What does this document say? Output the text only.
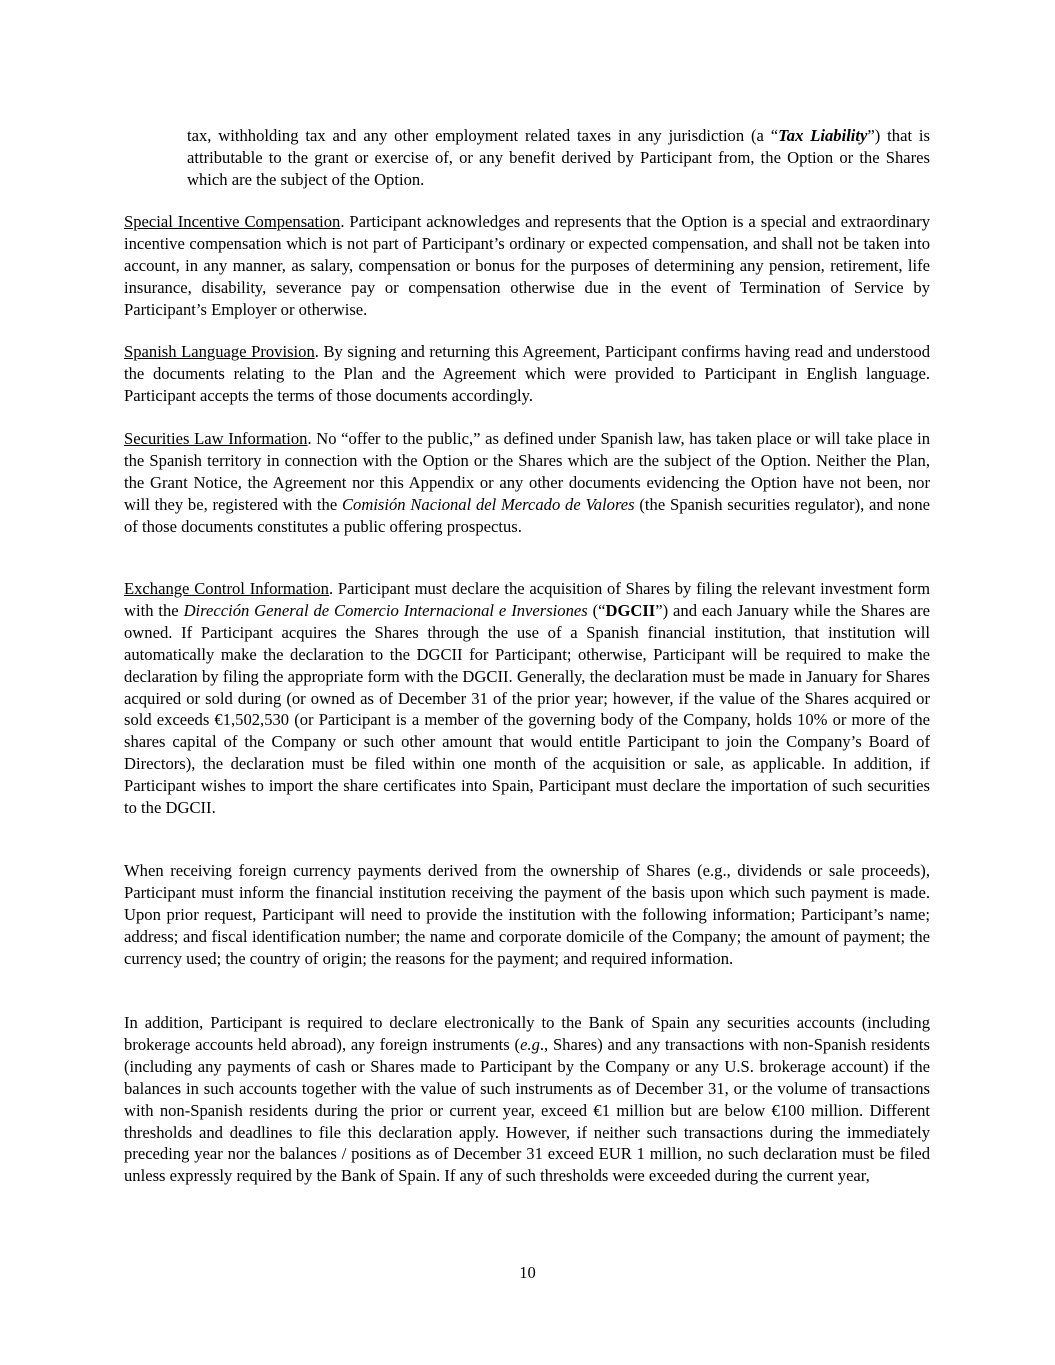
tax, withholding tax and any other employment related taxes in any jurisdiction (a “Tax Liability”) that is attributable to the grant or exercise of, or any benefit derived by Participant from, the Option or the Shares which are the subject of the Option.

Special Incentive Compensation. Participant acknowledges and represents that the Option is a special and extraordinary incentive compensation which is not part of Participant’s ordinary or expected compensation, and shall not be taken into account, in any manner, as salary, compensation or bonus for the purposes of determining any pension, retirement, life insurance, disability, severance pay or compensation otherwise due in the event of Termination of Service by Participant’s Employer or otherwise.

Spanish Language Provision. By signing and returning this Agreement, Participant confirms having read and understood the documents relating to the Plan and the Agreement which were provided to Participant in English language. Participant accepts the terms of those documents accordingly.

Securities Law Information. No “offer to the public,” as defined under Spanish law, has taken place or will take place in the Spanish territory in connection with the Option or the Shares which are the subject of the Option. Neither the Plan, the Grant Notice, the Agreement nor this Appendix or any other documents evidencing the Option have not been, nor will they be, registered with the Comisión Nacional del Mercado de Valores (the Spanish securities regulator), and none of those documents constitutes a public offering prospectus.

Exchange Control Information. Participant must declare the acquisition of Shares by filing the relevant investment form with the Dirección General de Comercio Internacional e Inversiones (“DGCII”) and each January while the Shares are owned. If Participant acquires the Shares through the use of a Spanish financial institution, that institution will automatically make the declaration to the DGCII for Participant; otherwise, Participant will be required to make the declaration by filing the appropriate form with the DGCII. Generally, the declaration must be made in January for Shares acquired or sold during (or owned as of December 31 of the prior year; however, if the value of the Shares acquired or sold exceeds €1,502,530 (or Participant is a member of the governing body of the Company, holds 10% or more of the shares capital of the Company or such other amount that would entitle Participant to join the Company’s Board of Directors), the declaration must be filed within one month of the acquisition or sale, as applicable. In addition, if Participant wishes to import the share certificates into Spain, Participant must declare the importation of such securities to the DGCII.

When receiving foreign currency payments derived from the ownership of Shares (e.g., dividends or sale proceeds), Participant must inform the financial institution receiving the payment of the basis upon which such payment is made. Upon prior request, Participant will need to provide the institution with the following information; Participant’s name; address; and fiscal identification number; the name and corporate domicile of the Company; the amount of payment; the currency used; the country of origin; the reasons for the payment; and required information.

In addition, Participant is required to declare electronically to the Bank of Spain any securities accounts (including brokerage accounts held abroad), any foreign instruments (e.g., Shares) and any transactions with non-Spanish residents (including any payments of cash or Shares made to Participant by the Company or any U.S. brokerage account) if the balances in such accounts together with the value of such instruments as of December 31, or the volume of transactions with non-Spanish residents during the prior or current year, exceed €1 million but are below €100 million. Different thresholds and deadlines to file this declaration apply. However, if neither such transactions during the immediately preceding year nor the balances / positions as of December 31 exceed EUR 1 million, no such declaration must be filed unless expressly required by the Bank of Spain. If any of such thresholds were exceeded during the current year,

10
